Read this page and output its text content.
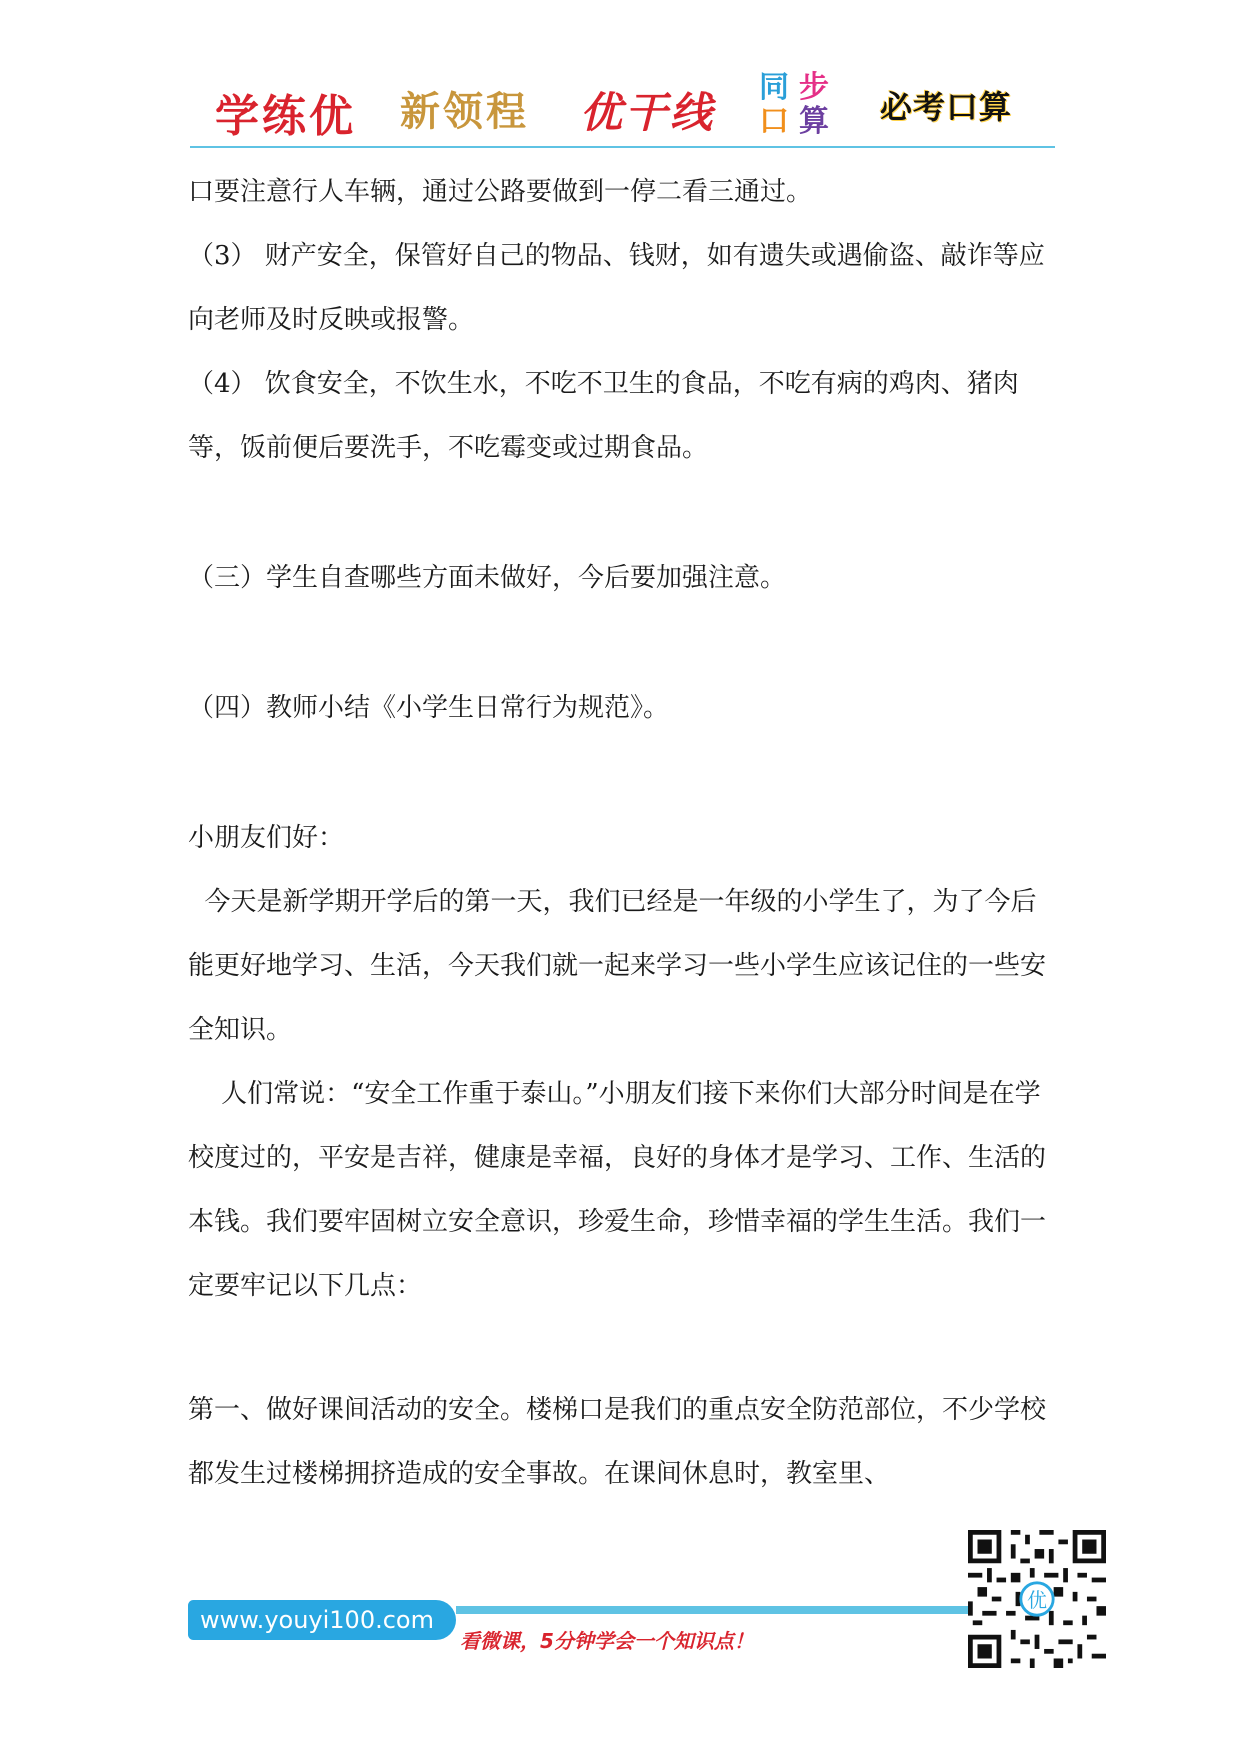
学练优 新领程 优干线
同 步
口 算 必考口算

口要注意行人车辆，通过公路要做到一停二看三通过。

（3） 财产安全，保管好自己的物品、钱财，如有遗失或遇偷盗、敲诈等应向老师及时反映或报警。

（4） 饮食安全，不饮生水，不吃不卫生的食品，不吃有病的鸡肉、猪肉等，饭前便后要洗手，不吃霉变或过期食品。

（三）学生自查哪些方面未做好，今后要加强注意。

（四）教师小结《小学生日常行为规范》。

小朋友们好：

今天是新学期开学后的第一天，我们已经是一年级的小学生了，为了今后能更好地学习、生活，今天我们就一起来学习一些小学生应该记住的一些安全知识。

人们常说：“安全工作重于泰山。”小朋友们接下来你们大部分时间是在学校度过的，平安是吉祥，健康是幸福，良好的身体才是学习、工作、生活的本钱。我们要牢固树立安全意识，珍爱生命，珍惜幸福的学生生活。我们一定要牢记以下几点：

第一、做好课间活动的安全。楼梯口是我们的重点安全防范部位，不少学校都发生过楼梯拥挤造成的安全事故。在课间休息时，教室里、

www.youyi100.com
看微课，5分钟学会一个知识点！
优
